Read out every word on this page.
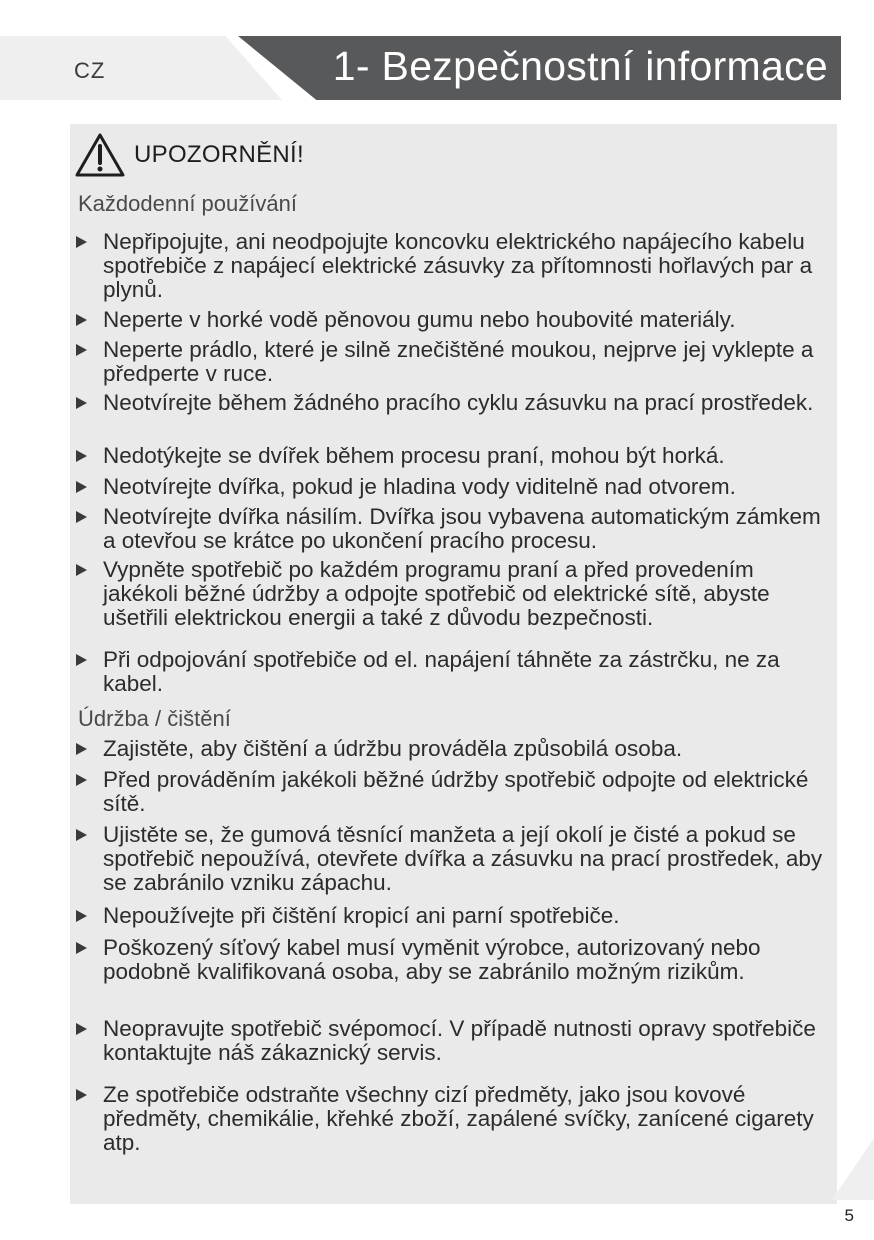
CZ	1- Bezpečnostní informace
UPOZORNĚNÍ!
Každodenní používání
Nepřipojujte, ani neodpojujte koncovku elektrického napájecího kabelu spotřebiče z napájecí elektrické zásuvky za přítomnosti hořlavých par a plynů.
Neperte v horké vodě pěnovou gumu nebo houbovité materiály.
Neperte prádlo, které je silně znečištěné moukou, nejprve jej vyklepte a předperte v ruce.
Neotvírejte během žádného pracího cyklu zásuvku na prací prostředek.
Nedotýkejte se dvířek během procesu praní, mohou být horká.
Neotvírejte dvířka, pokud je hladina vody viditelně nad otvorem.
Neotvírejte dvířka násilím. Dvířka jsou vybavena automatickým zámkem a otevřou se krátce po ukončení pracího procesu.
Vypněte spotřebič po každém programu praní a před provedením jakékoli běžné údržby a odpojte spotřebič od elektrické sítě, abyste ušetřili elektrickou energii a také z důvodu bezpečnosti.
Při odpojování spotřebiče od el. napájení táhněte za zástrčku, ne za kabel.
Údržba / čištění
Zajistěte, aby čištění a údržbu prováděla způsobilá osoba.
Před prováděním jakékoli běžné údržby spotřebič odpojte od elektrické sítě.
Ujistěte se, že gumová těsnící manžeta a její okolí je čisté a pokud se spotřebič nepoužívá, otevřete dvířka a zásuvku na prací prostředek, aby se zabránilo vzniku zápachu.
Nepoužívejte při čištění kropicí ani parní spotřebiče.
Poškozený síťový kabel musí vyměnit výrobce, autorizovaný nebo podobně kvalifikovaná osoba, aby se zabránilo možným rizikům.
Neopravujte spotřebič svépomocí. V případě nutnosti opravy spotřebiče kontaktujte náš zákaznický servis.
Ze spotřebiče odstraňte všechny cizí předměty, jako jsou kovové předměty, chemikálie, křehké zboží, zapálené svíčky, zanícené cigarety atp.
5
